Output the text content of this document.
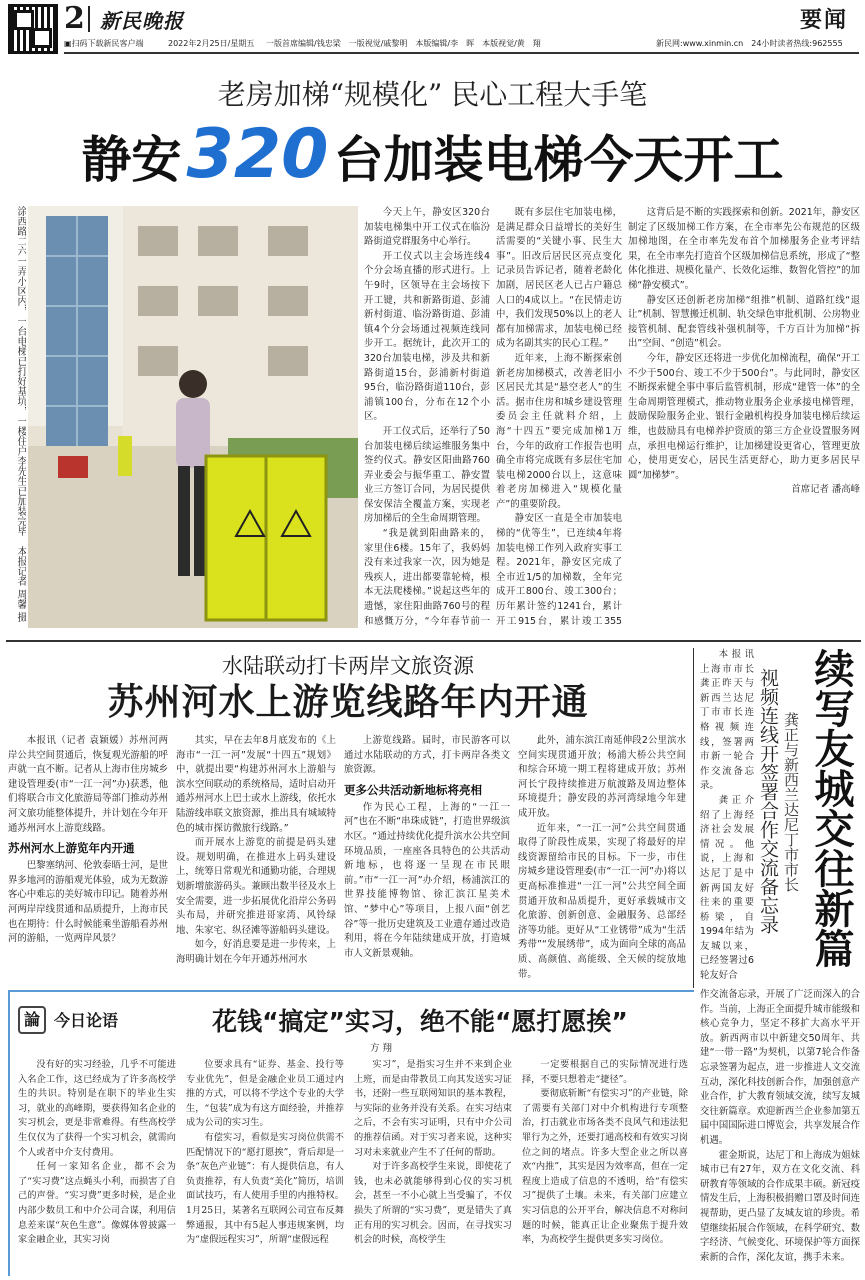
2 新民晚报	要闻
▣扫码下载新民客户端	2022年2月25日/星期五 一版首席编辑/钱忠梁　一版视觉/戚黎明　本版编辑/李　晖　本版视觉/黄　翔	新民网:www.xinmin.cn　24小时读者热线:962555
老房加梯“规模化” 民心工程大手笔
静安 320 台加装电梯今天开工
涂西路二六一弄小区内，一台电梯已打好基坑，一楼住户李先生已加装完毕　本报记者 周馨 摄	今天上午，静安区320台加装电梯集中开工仪式在临汾路街道党群服务中心举行。

开工仪式以主会场连线4个分会场直播的形式进行。上午9时，区领导在主会场按下开工键，共和新路街道、彭浦新村街道、临汾路街道、彭浦镇4个分会场通过视频连线同步开工。据统计，此次开工的320台加装电梯，涉及共和新路街道15台，彭浦新村街道95台，临汾路街道110台，彭浦镇100台，分布在12个小区。

开工仪式后，还举行了50台加装电梯后续运维服务集中签约仪式。静安区阳曲路760弄业委会与振华重工、静安置业三方签订合同，为居民提供保安保洁全覆盖方案，实现老房加梯后的全生命周期管理。

“我是就到阳曲路来的，家里住6楼。15年了，我妈妈没有来过我家一次，因为她是残疾人，进出都要靠轮椅，根本无法爬楼梯。”说起这些年的遗憾，家住阳曲路760号的程和感慨万分，“今年春节前一

既有多层住宅加装电梯，是满足群众日益增长的美好生活需要的“关键小事、民生大事”。旧改后居民区亮点变化记录员告诉记者，随着老龄化加剧，居民区老人已占户籍总人口的4成以上。“在民情走访中，我们发现50%以上的老人都有加梯需求，加装电梯已经成为名副其实的民心工程。”

近年来，上海不断探索创新老房加梯模式，改善老旧小区居民尤其是“悬空老人”的生活。据市住房和城乡建设管理委员会主任就料介绍，上海“十四五”要完成加梯1万台，今年的政府工作报告也明确全市将完成既有多层住宅加装电梯2000台以上，这意味着老房加梯进入“规模化量产”的重要阶段。

静安区一直是全市加装电梯的“优等生”，已连续4年将加装电梯工作列入政府实事工程。2021年，静安区完成了全市近1/5的加梯数，全年完成开工800台、竣工300台；历年累计签约1241台，累计开工915台，累计竣工355

这背后是不断的实践探索和创新。2021年，静安区制定了区级加梯工作方案，在全市率先公布规范的区级加梯地图，在全市率先发布首个加梯服务企业考评结果，在全市率先打造首个区级加梯信息系统，形成了“整体化推进、规模化量产、长效化运维、数智化管控”的加梯“静安模式”。

静安区还创新老房加梯“组推”机制、道路红线“退让”机制、智慧搬迁机制、轨交绿色审批机制、公房物业接管机制、配套管线补强机制等，千方百计为加梯“拆出”空间、“创造”机会。

今年，静安区还将进一步优化加梯流程，确保“开工不少于500台、竣工不少于500台”。与此同时，静安区不断探索健全事中事后监管机制，形成“建管一体”的全生命周期管理模式，推动物业服务企业承接电梯管理，鼓励保险服务企业、银行金融机构投身加装电梯后续运维，也鼓励具有电梯养护资质的第三方企业设置服务网点，承担电梯运行维护，让加梯建设更省心，管理更放心，使用更安心，居民生活更舒心，助力更多居民早圆“加梯梦”。

首席记者 潘高峰

水陆联动打卡两岸文旅资源
苏州河水上游览线路年内开通

本报讯（记者 袁颖媛）苏州河两岸公共空间贯通后，恢复观光游船的呼声就一直不断。记者从上海市住房城乡建设管理委(市“一江一河”办)获悉，他们将联合市文化旅游局等部门推动苏州河文旅功能整体提升，并计划在今年开通苏州河水上游览线路。

苏州河水上游览年内开通

巴黎塞纳河、伦敦泰晤士河，是世界多地河的游船观光体验，成为无数游客心中难忘的美好城市印记。随着苏州河两岸岸线贯通和品质提升，上海市民也在期待：什么时候能乘坐游船看苏州河的游船，一览两岸风景？

其实，早在去年8月底发布的《上海市“一江一河”发展“十四五”规划》中，就提出要“构建苏州河水上游船与滨水空间联动的系统格局，适时启动开通苏州河水上巴士或水上游线，依托水陆游线串联文旅资源，推出具有城域特色的城市探访微旅行线路。”

而开展水上游览的前提是码头建设。规划明确，在推进水上码头建设上，统筹日常观光和通勤功能，合理规划新增旅游码头。兼顾出数半径及水上安全需要，进一步拓展优化沿岸公务码头布局，并研究推进哥家湾、风铃绿地、朱家宅、纵径滩等游船码头建设。

如今，好消息要是进一步传来，上海明确计划在今年开通苏州河水

上游览线路。届时，市民游客可以通过水陆联动的方式，打卡两岸各类文旅资源。

更多公共活动新地标将亮相

作为民心工程，上海的“一江一河”也在不断“串珠成链”，打造世界级滨水区。“通过持续优化提升滨水公共空间环境品质，一座座各具特色的公共活动新地标，也将逐一呈现在市民眼前。”市“一江一河”办介绍，杨浦滨江的世界技能博物馆、徐汇滨江星美术馆、“梦中心”等项目，上报八面“创艺谷”等一批历史建筑及工业遗存通过改造利用，将在今年陆续建成开放，打造城市人文新景观轴。

此外，浦东滨江南延伸段2公里滨水空间实现贯通开放；杨浦大桥公共空间和综合环境一期工程将建成开放；苏州河长宁段持续推进万航渡路及周边整体环境提升；静安段的苏河湾绿地今年建成开放。

近年来，“一江一河”公共空间贯通取得了阶段性成果，实现了将最好的岸线资源留给市民的目标。下一步，市住房城乡建设管理委(市“一江一河”办)将以更高标准推进“一江一河”公共空间全面贯通开放和品质提升，更好承载城市文化旅游、创新创意、金融服务、总部经济等功能。更好从“工业锈带”成为“生活秀带”“发展绣带”，成为面向全球的高品质、高颜值、高能级、全天候的绽放地带。

本报讯 上海市市长龚正昨天与新西兰达尼丁市市长连格视频连线，签署两市新一轮合作交流备忘录。

龚正介绍了上海经济社会发展情况。他说，上海和达尼丁是中新两国友好往来的重要桥梁，自1994年结为友城以来，已经签署过6轮友好合

续写友城交往新篇
视频连线开签署合作交流备忘录 龚正与新西兰达尼丁市市长

作交流备忘录，开展了广泛而深入的合作。当前，上海正全面提升城市能级和核心竞争力，坚定不移扩大高水平开放。新西两市以中新建交50周年、共建“一带一路”为契机，以第7轮合作备忘录签署为起点，进一步推进人文交流互动，深化科技创新合作，加强创意产业合作，扩大教育领域交流，续写友城交往新篇章。欢迎新西兰企业参加第五届中国国际进口博览会，共享发展合作机遇。

霍金斯说，达尼丁和上海成为姐妹城市已有27年，双方在文化交流、科研教育等领域的合作成果丰硕。新冠疫情发生后，上海积极捐赠口罩及时间连视帮助，更凸显了友城友谊的珍贵。希望继续拓展合作领域，在科学研究、数字经济、气候变化、环境保护等方面探索新的合作，深化友谊，携手未来。

論 今日论语	花钱“搞定”实习，绝不能“愿打愿挨”
方 翔

没有好的实习经验，几乎不可能进入名企工作，这已经成为了许多高校学生的共识。特别是在职下的毕业生实习，就业的高峰期，要获得知名企业的实习机会，更是非常难得。有些高校学生仅仅为了获得一个实习机会，就需向个人或者中介支付费用。

任何一家知名企业，都不会为了“实习费”这点蝇头小利，而损害了自己的声誉。“实习费”更多时候，是企业内部少数员工和中介公司合谋，利用信息差来谋“灰色生意”。像媒体曾披露一家金融企业，其实习岗

位要求具有“证券、基金、投行等专业优先”，但是金融企业员工通过内推的方式，可以将不学这个专业的大学生，“包装”成为有这方面经验，并推荐成为公司的实习生。

有偿实习，看似是实习岗位供需不匹配情况下的“愿打愿挨”，背后却是一条“灰色产业链”：有人提供信息，有人负责推荐，有人负责“美化”简历，培训面试技巧，有人使用手里的内推特权。1月25日，某著名互联网公司宣布反舞弊通报，其中有5起人事违规案例，均为“虚假远程实习”，所谓“虚假远程

实习”，是指实习生并不来到企业上班，而是由带教员工向其发送实习证书，还附一些互联网知识的基本教程，与实际的业务并没有关系。在实习结束之后，不会有实习证明，只有中介公司的推荐信函。对于实习者来说，这种实习对未来就业产生不了任何的帮助。

对于许多高校学生来说，即使花了钱，也未必就能够得到心仪的实习机会，甚至一不小心就上当受骗了，不仅损失了所谓的“实习费”，更是错失了真正有用的实习机会。因而，在寻找实习机会的时候，高校学生

一定要根据自己的实际情况进行选择，不要只想着走“捷径”。

要彻底斩断“有偿实习”的产业链，除了需要有关部门对中介机构进行专项整治，打击就业市场各类不良风气和违法犯罪行为之外，还要打通高校和有效实习岗位之间的堵点。许多大型企业之所以喜欢“内推”，其实是因为效率高，但在一定程度上造成了信息的不透明，给“有偿实习”提供了土壤。未来，有关部门应建立实习信息的公开平台，解决信息不对称问题的时候，能真正让企业聚焦于提升效率，为高校学生提供更多实习岗位。
